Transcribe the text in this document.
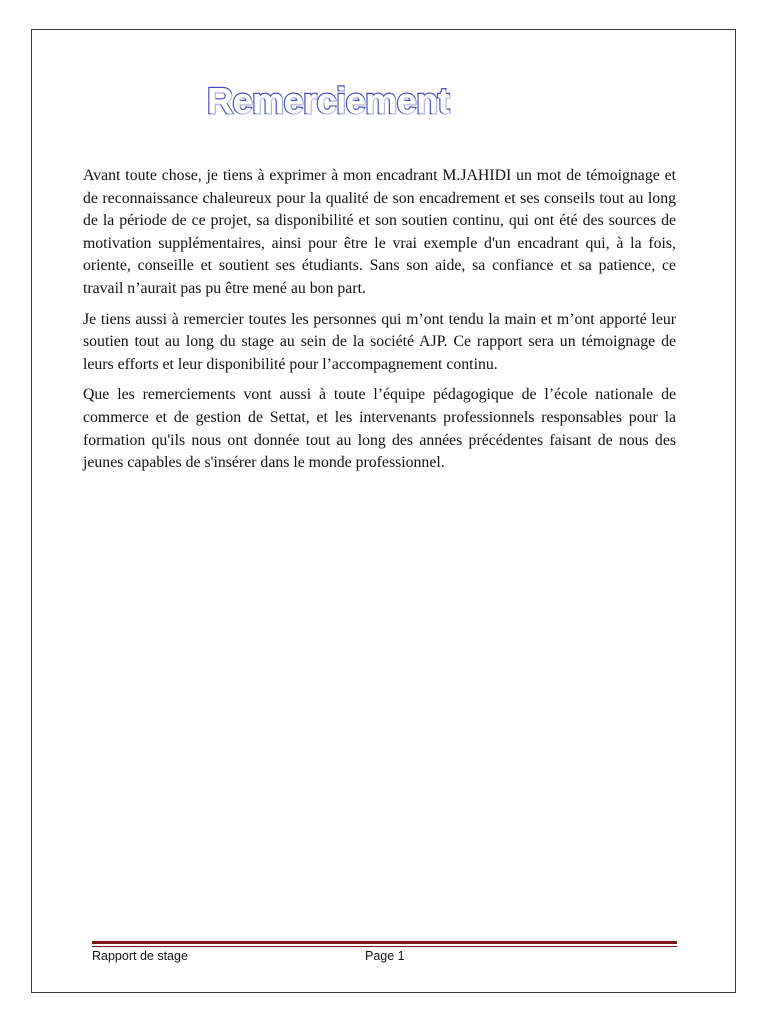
Remerciement

Avant toute chose, je tiens à exprimer à mon encadrant M.JAHIDI un mot de témoignage et de reconnaissance chaleureux pour la qualité de son encadrement et ses conseils tout au long de la période de ce projet, sa disponibilité et son soutien continu, qui ont été des sources de motivation supplémentaires, ainsi pour être le vrai exemple d'un encadrant qui, à la fois, oriente, conseille et soutient ses étudiants. Sans son aide, sa confiance et sa patience, ce travail n’aurait pas pu être mené au bon part.

Je tiens aussi à remercier toutes les personnes qui m’ont tendu la main et m’ont apporté leur soutien tout au long du stage au sein de la société AJP. Ce rapport sera un témoignage de leurs efforts et leur disponibilité pour l’accompagnement continu.

Que les remerciements vont aussi à toute l’équipe pédagogique de l’école nationale de commerce et de gestion de Settat, et les intervenants professionnels responsables pour la formation qu'ils nous ont donnée tout au long des années précédentes faisant de nous des jeunes capables de s'insérer dans le monde professionnel.

Rapport de stage	Page 1
